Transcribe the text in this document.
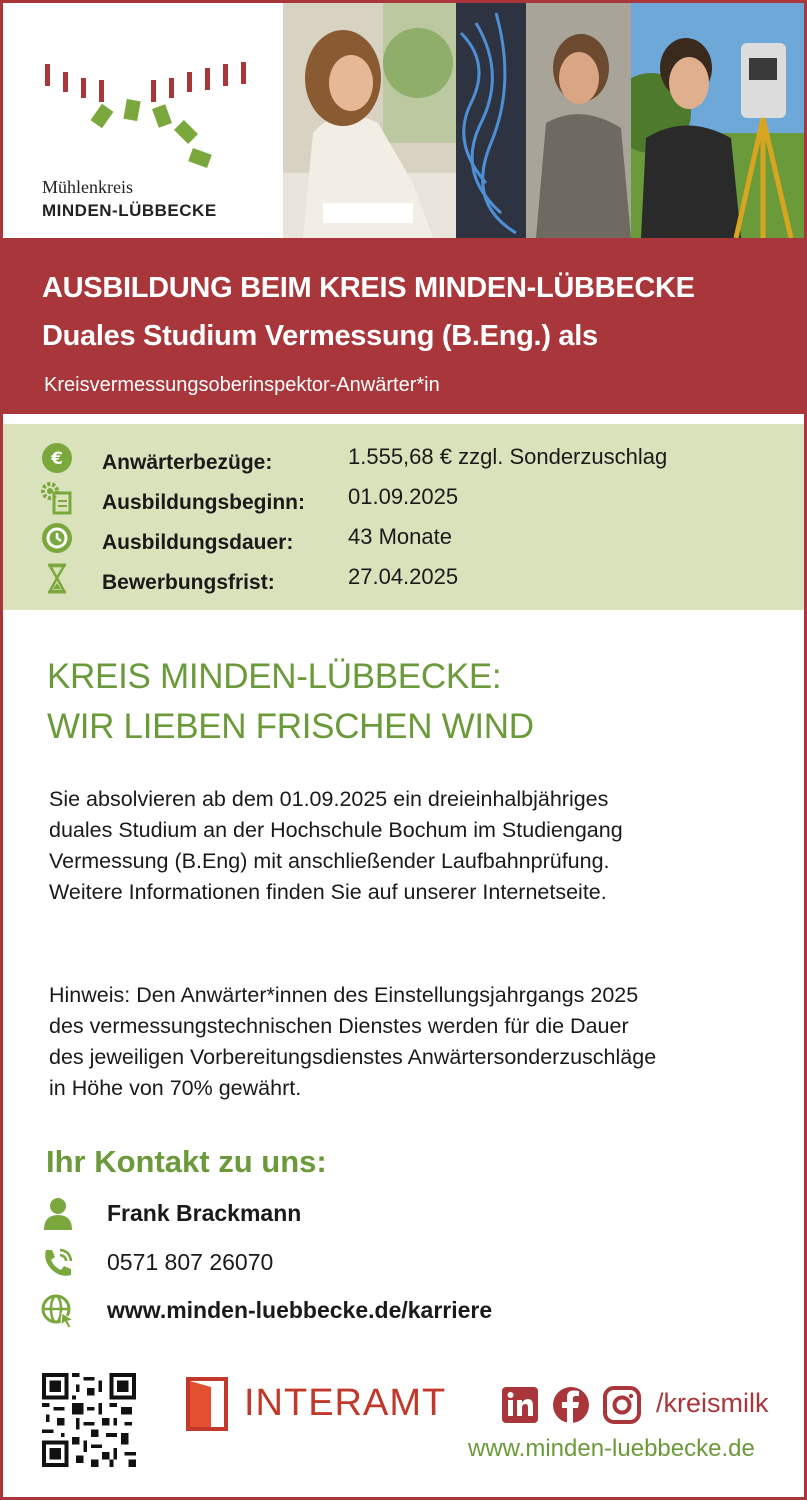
Mühlenkreis
MINDEN-LÜBBECKE
AUSBILDUNG BEIM KREIS MINDEN-LÜBBECKE
Duales Studium Vermessung (B.Eng.) als
Kreisvermessungsoberinspektor-Anwärter*in
€ Anwärterbezüge:	1.555,68 € zzgl. Sonderzuschlag
Ausbildungsbeginn: 01.09.2025
Ausbildungsdauer: 43 Monate
Bewerbungsfrist:	27.04.2025
KREIS MINDEN-LÜBBECKE:
WIR LIEBEN FRISCHEN WIND
Sie absolvieren ab dem 01.09.2025 ein dreieinhalbjähriges
duales Studium an der Hochschule Bochum im Studiengang
Vermessung (B.Eng) mit anschließender Laufbahnprüfung.
Weitere Informationen finden Sie auf unserer Internetseite.
Hinweis: Den Anwärter*innen des Einstellungsjahrgangs 2025
des vermessungstechnischen Dienstes werden für die Dauer
des jeweiligen Vorbereitungsdienstes Anwärtersonderzuschläge
in Höhe von 70% gewährt.
Ihr Kontakt zu uns:
Frank Brackmann
0571 807 26070
www.minden-luebbecke.de/karriere
INTERAMT	/kreismilk
www.minden-luebbecke.de
